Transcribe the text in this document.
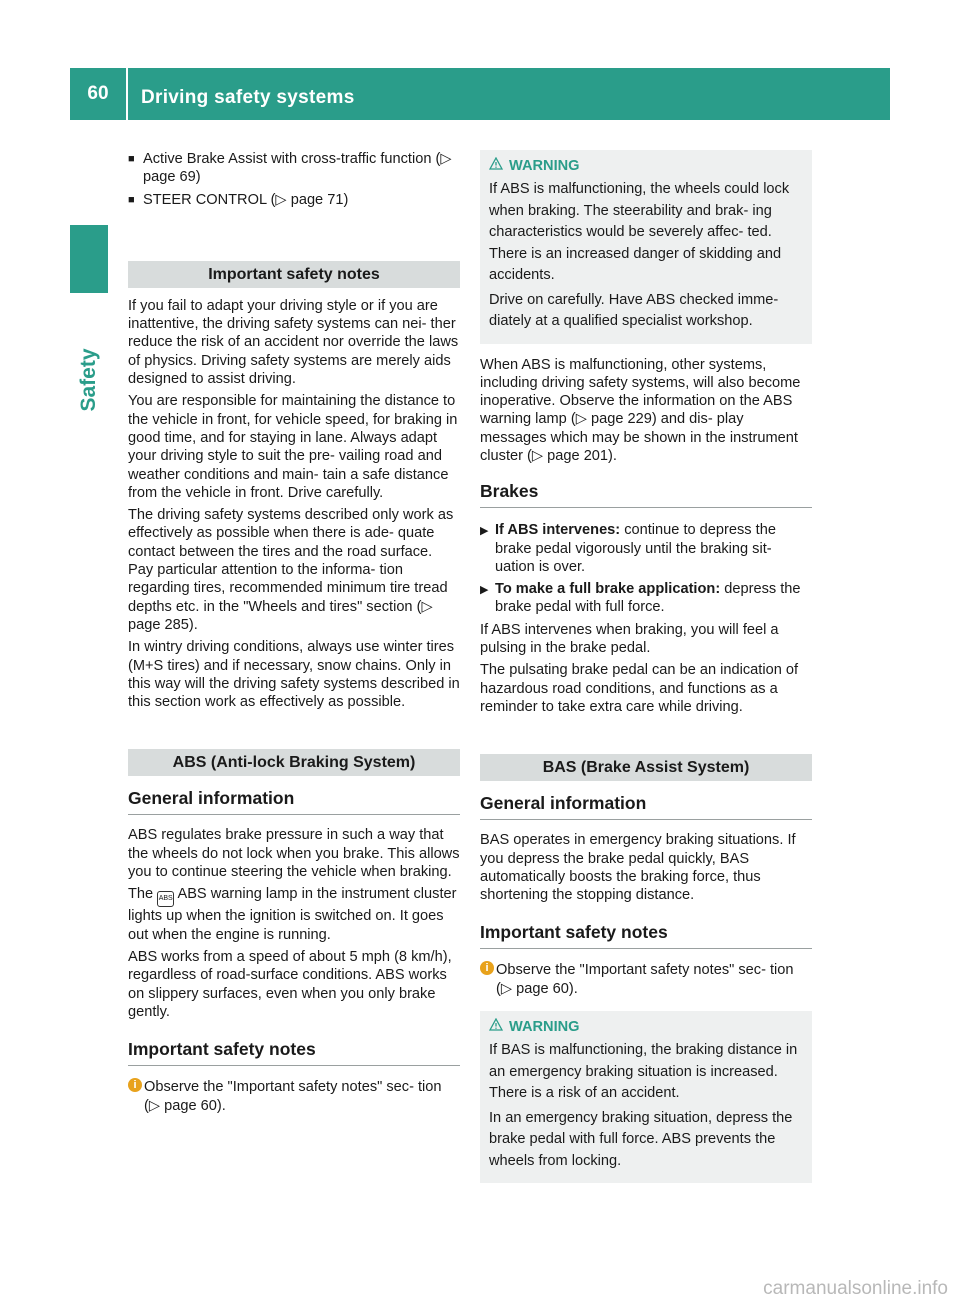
60	Driving safety systems
Safety
■ Active Brake Assist with cross-traffic function (▷ page 69)
■ STEER CONTROL (▷ page 71)
Important safety notes

If you fail to adapt your driving style or if you are inattentive, the driving safety systems can nei- ther reduce the risk of an accident nor override the laws of physics. Driving safety systems are merely aids designed to assist driving.

You are responsible for maintaining the distance to the vehicle in front, for vehicle speed, for braking in good time, and for staying in lane. Always adapt your driving style to suit the pre- vailing road and weather conditions and main- tain a safe distance from the vehicle in front. Drive carefully.

The driving safety systems described only work as effectively as possible when there is ade- quate contact between the tires and the road surface. Pay particular attention to the informa- tion regarding tires, recommended minimum tire tread depths etc. in the "Wheels and tires" section (▷ page 285).

In wintry driving conditions, always use winter tires (M+S tires) and if necessary, snow chains. Only in this way will the driving safety systems described in this section work as effectively as possible.

ABS (Anti-lock Braking System)
General information

ABS regulates brake pressure in such a way that the wheels do not lock when you brake. This allows you to continue steering the vehicle when braking.

The ABS ABS warning lamp in the instrument cluster lights up when the ignition is switched on. It goes out when the engine is running.

ABS works from a speed of about 5 mph (8 km/h), regardless of road-surface conditions. ABS works on slippery surfaces, even when you only brake gently.

Important safety notes
i Observe the "Important safety notes" sec- tion (▷ page 60).
WARNING

If ABS is malfunctioning, the wheels could lock when braking. The steerability and brak- ing characteristics would be severely affec- ted. There is an increased danger of skidding and accidents.

Drive on carefully. Have ABS checked imme- diately at a qualified specialist workshop.

When ABS is malfunctioning, other systems, including driving safety systems, will also become inoperative. Observe the information on the ABS warning lamp (▷ page 229) and dis- play messages which may be shown in the instrument cluster (▷ page 201).

Brakes
▶ If ABS intervenes: continue to depress the brake pedal vigorously until the braking sit- uation is over.
▶ To make a full brake application: depress the brake pedal with full force.

If ABS intervenes when braking, you will feel a pulsing in the brake pedal.

The pulsating brake pedal can be an indication of hazardous road conditions, and functions as a reminder to take extra care while driving.

BAS (Brake Assist System)
General information

BAS operates in emergency braking situations. If you depress the brake pedal quickly, BAS automatically boosts the braking force, thus shortening the stopping distance.

Important safety notes
i Observe the "Important safety notes" sec- tion (▷ page 60).
WARNING

If BAS is malfunctioning, the braking distance in an emergency braking situation is increased. There is a risk of an accident.

In an emergency braking situation, depress the brake pedal with full force. ABS prevents the wheels from locking.

carmanualsonline.info
